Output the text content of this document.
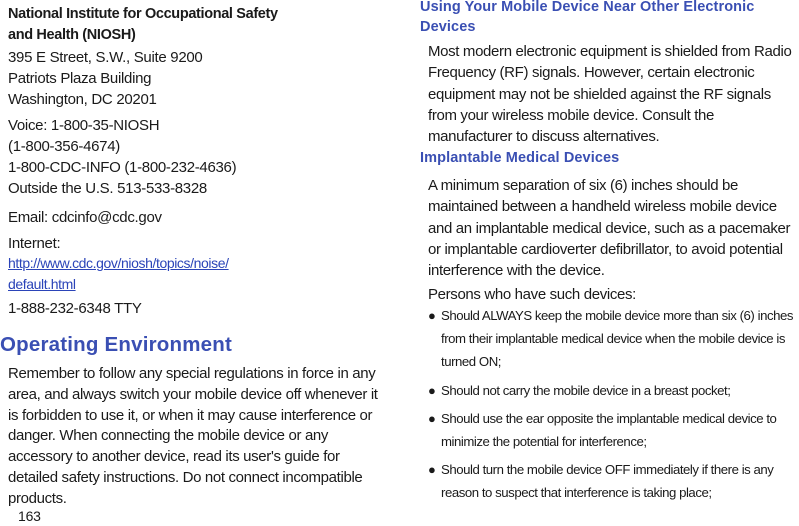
National Institute for Occupational Safety
and Health (NIOSH)
395 E Street, S.W., Suite 9200
Patriots Plaza Building
Washington, DC 20201
Voice: 1-800-35-NIOSH
(1-800-356-4674)
1-800-CDC-INFO (1-800-232-4636)
Outside the U.S. 513-533-8328
Email: cdcinfo@cdc.gov
Internet:
http://www.cdc.gov/niosh/topics/noise/
default.html
1-888-232-6348 TTY
Operating Environment
Remember to follow any special regulations in force in any area, and always switch your mobile device off whenever it is forbidden to use it, or when it may cause interference or danger. When connecting the mobile device or any accessory to another device, read its user's guide for detailed safety instructions. Do not connect incompatible products.
Using Your Mobile Device Near Other Electronic Devices
Most modern electronic equipment is shielded from Radio Frequency (RF) signals. However, certain electronic equipment may not be shielded against the RF signals from your wireless mobile device. Consult the manufacturer to discuss alternatives.
Implantable Medical Devices
A minimum separation of six (6) inches should be maintained between a handheld wireless mobile device and an implantable medical device, such as a pacemaker or implantable cardioverter defibrillator, to avoid potential interference with the device.
Persons who have such devices:
● Should ALWAYS keep the mobile device more than six (6) inches from their implantable medical device when the mobile device is turned ON;
● Should not carry the mobile device in a breast pocket;
● Should use the ear opposite the implantable medical device to minimize the potential for interference;
● Should turn the mobile device OFF immediately if there is any reason to suspect that interference is taking place;
163
